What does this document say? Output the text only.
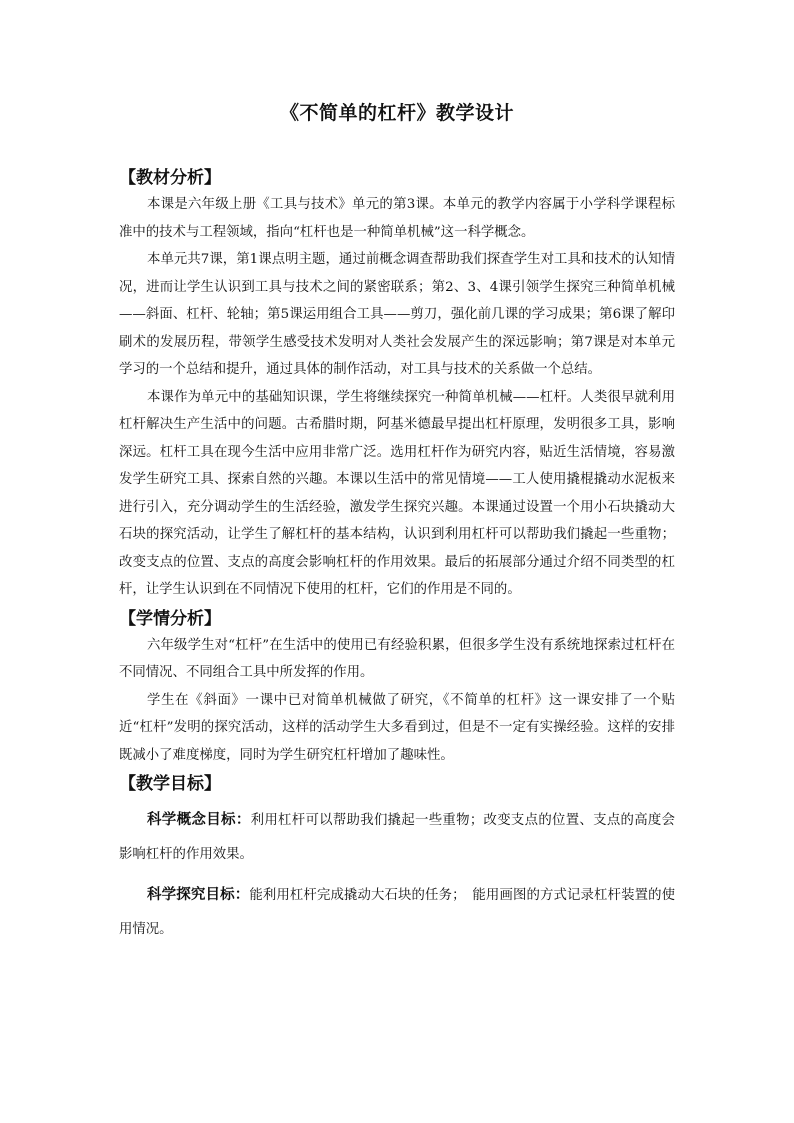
《不简单的杠杆》教学设计
【教材分析】

本课是六年级上册《工具与技术》单元的第3课。本单元的教学内容属于小学科学课程标准中的技术与工程领域，指向“杠杆也是一种简单机械”这一科学概念。

本单元共7课，第1课点明主题，通过前概念调查帮助我们探查学生对工具和技术的认知情况，进而让学生认识到工具与技术之间的紧密联系；第2、3、4课引领学生探究三种简单机械——斜面、杠杆、轮轴；第5课运用组合工具——剪刀，强化前几课的学习成果；第6课了解印刷术的发展历程，带领学生感受技术发明对人类社会发展产生的深远影响；第7课是对本单元学习的一个总结和提升，通过具体的制作活动，对工具与技术的关系做一个总结。

本课作为单元中的基础知识课，学生将继续探究一种简单机械——杠杆。人类很早就利用杠杆解决生产生活中的问题。古希腊时期，阿基米德最早提出杠杆原理，发明很多工具，影响深远。杠杆工具在现今生活中应用非常广泛。选用杠杆作为研究内容，贴近生活情境，容易激发学生研究工具、探索自然的兴趣。本课以生活中的常见情境——工人使用撬棍撬动水泥板来进行引入，充分调动学生的生活经验，激发学生探究兴趣。本课通过设置一个用小石块撬动大石块的探究活动，让学生了解杠杆的基本结构，认识到利用杠杆可以帮助我们撬起一些重物；改变支点的位置、支点的高度会影响杠杆的作用效果。最后的拓展部分通过介绍不同类型的杠杆，让学生认识到在不同情况下使用的杠杆，它们的作用是不同的。

【学情分析】

六年级学生对“杠杆”在生活中的使用已有经验积累，但很多学生没有系统地探索过杠杆在不同情况、不同组合工具中所发挥的作用。

学生在《斜面》一课中已对简单机械做了研究，《不简单的杠杆》这一课安排了一个贴近“杠杆”发明的探究活动，这样的活动学生大多看到过，但是不一定有实操经验。这样的安排既减小了难度梯度，同时为学生研究杠杆增加了趣味性。

【教学目标】

科学概念目标：利用杠杆可以帮助我们撬起一些重物；改变支点的位置、支点的高度会影响杠杆的作用效果。

科学探究目标：能利用杠杆完成撬动大石块的任务；　能用画图的方式记录杠杆装置的使用情况。
